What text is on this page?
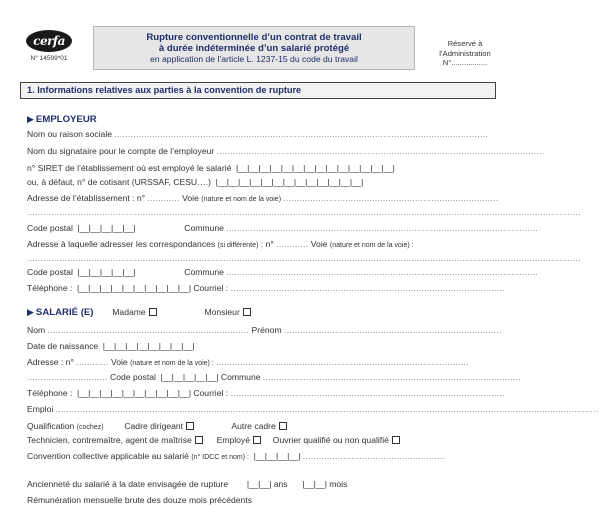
cerfa
N° 14599*01
Rupture conventionnelle d’un contrat de travail
à durée indéterminée d’un salarié protégé
en application de l’article L. 1237-15 du code du travail
Réservé à
l’Administration
N°.................
1. Informations relatives aux parties à la convention de rupture
▶ EMPLOYEUR
Nom ou raison sociale ...........................................................................................................................................
Nom du signataire pour le compte de l’employeur ..........................................................................................................................
n° SIRET de l’établissement où est employé le salarié  |__|__|__|__|__|__|__|__|__|__|__|__|__|__|
ou, à défaut, n° de cotisant (URSSAF, CESU….)  |__|__|__|__|__|__|__|__|__|__|__|__|__|
Adresse de l’établissement : n° ............ Voie (nature et nom de la voie) ................................................................................
..............................................................................................................................................................................................................
Code postal  |__|__|__|__|__|	Commune ....................................................................................................................
Adresse à laquelle adresser les correspondances (si différente) : n° ............ Voie (nature et nom de la voie) :
..............................................................................................................................................................................................................
Code postal  |__|__|__|__|__|	Commune ....................................................................................................................
Téléphone :  |__|__|__|__|__|__|__|__|__|__| Courriel : ......................................................................................................
▶ SALARIÉ (E) Madame	Monsieur
Nom ........................................................................... Prénom .................................................................................
Date de naissance  |__|__|__|__|__|__|__|__|
Adresse : n° ............ Voie (nature et nom de la voie) : ..............................................................................................
.............................. Code postal  |__|__|__|__|__| Commune ................................................................................................
Téléphone :  |__|__|__|__|__|__|__|__|__|__| Courriel : ......................................................................................................
Emploi ..........................................................................................................................................................................................................
Qualification (cochez) Cadre dirigeant	Autre cadre
Technicien, contremaître, agent de maîtrise	Employé	Ouvrier qualifié ou non qualifié
Convention collective applicable au salarié (n° IDCC et nom) :  |__|__|__|__| .....................................................
Ancienneté du salarié à la date envisagée de rupture |__|__| ans |__|__| mois
Rémunération mensuelle brute des douze mois précédents
